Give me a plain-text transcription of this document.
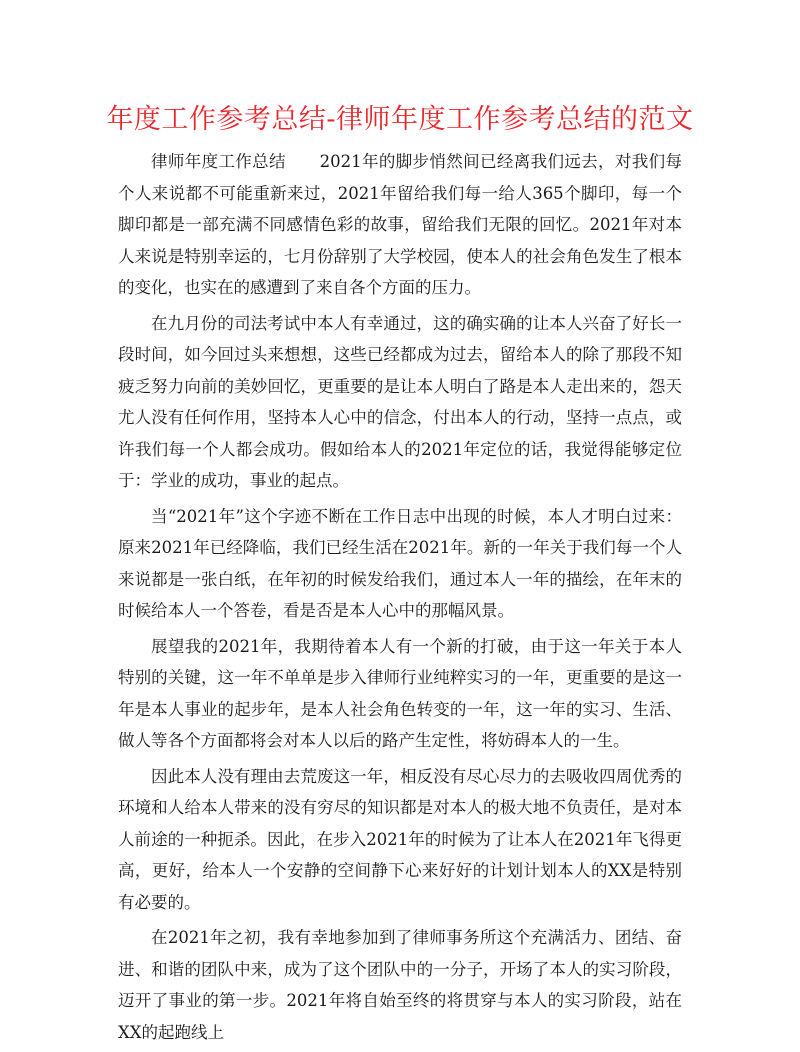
年度工作参考总结-律师年度工作参考总结的范文

律师年度工作总结　　2021年的脚步悄然间已经离我们远去，对我们每个人来说都不可能重新来过，2021年留给我们每一给人365个脚印，每一个脚印都是一部充满不同感情色彩的故事，留给我们无限的回忆。2021年对本人来说是特别幸运的，七月份辞别了大学校园，使本人的社会角色发生了根本的变化，也实在的感遭到了来自各个方面的压力。

在九月份的司法考试中本人有幸通过，这的确实确的让本人兴奋了好长一段时间，如今回过头来想想，这些已经都成为过去，留给本人的除了那段不知疲乏努力向前的美妙回忆，更重要的是让本人明白了路是本人走出来的，怨天尤人没有任何作用，坚持本人心中的信念，付出本人的行动，坚持一点点，或许我们每一个人都会成功。假如给本人的2021年定位的话，我觉得能够定位于：学业的成功，事业的起点。

当“2021年”这个字迹不断在工作日志中出现的时候，本人才明白过来：原来2021年已经降临，我们已经生活在2021年。新的一年关于我们每一个人来说都是一张白纸，在年初的时候发给我们，通过本人一年的描绘，在年末的时候给本人一个答卷，看是否是本人心中的那幅风景。

展望我的2021年，我期待着本人有一个新的打破，由于这一年关于本人特别的关键，这一年不单单是步入律师行业纯粹实习的一年，更重要的是这一年是本人事业的起步年，是本人社会角色转变的一年，这一年的实习、生活、做人等各个方面都将会对本人以后的路产生定性，将妨碍本人的一生。

因此本人没有理由去荒废这一年，相反没有尽心尽力的去吸收四周优秀的环境和人给本人带来的没有穷尽的知识都是对本人的极大地不负责任，是对本人前途的一种扼杀。因此，在步入2021年的时候为了让本人在2021年飞得更高，更好，给本人一个安静的空间静下心来好好的计划计划本人的XX是特别有必要的。

在2021年之初，我有幸地参加到了律师事务所这个充满活力、团结、奋进、和谐的团队中来，成为了这个团队中的一分子，开场了本人的实习阶段，迈开了事业的第一步。2021年将自始至终的将贯穿与本人的实习阶段，站在XX的起跑线上
